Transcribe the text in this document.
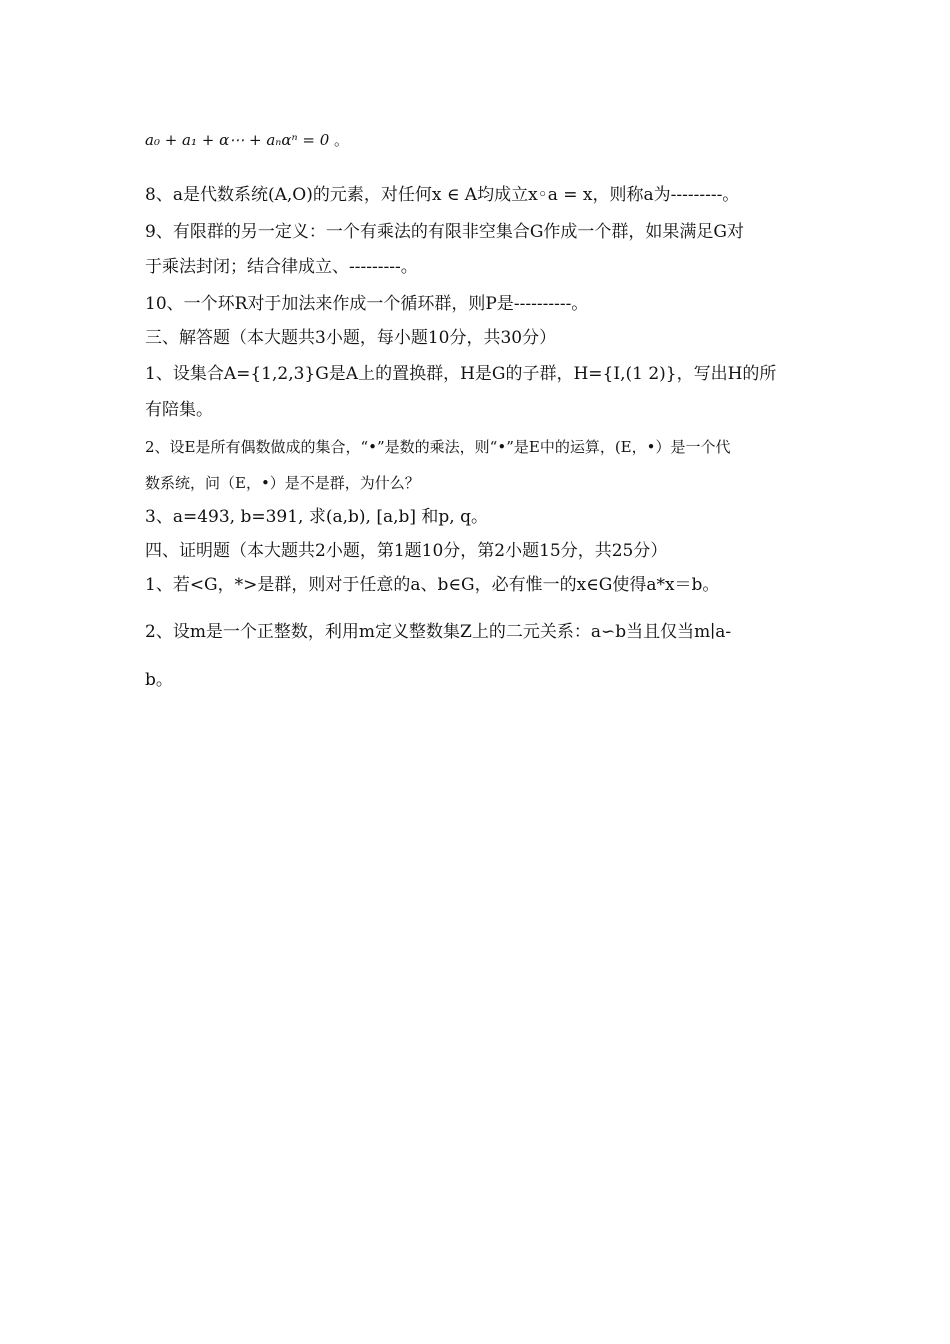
a₀ + a₁ + α⋯ + aₙαⁿ = 0 。
8、a是代数系统(A,O)的元素，对任何x ∈ A均成立x◦a = x，则称a为---------。
9、有限群的另一定义：一个有乘法的有限非空集合G作成一个群，如果满足G对
于乘法封闭；结合律成立、---------。
10、一个环R对于加法来作成一个循环群，则P是----------。
三、解答题（本大题共3小题，每小题10分，共30分）
1、设集合A={1,2,3}G是A上的置换群，H是G的子群，H={I,(1 2)}，写出H的所
有陪集。
2、设E是所有偶数做成的集合，“•”是数的乘法，则“•”是E中的运算，(E，•）是一个代
数系统，问（E，•）是不是群，为什么？
3、a=493, b=391, 求(a,b), [a,b] 和p, q。
四、证明题（本大题共2小题，第1题10分，第2小题15分，共25分）
1、若<G，*>是群，则对于任意的a、b∈G，必有惟一的x∈G使得a*x＝b。
2、设m是一个正整数，利用m定义整数集Z上的二元关系：a∽b当且仅当m∣a-
b。
